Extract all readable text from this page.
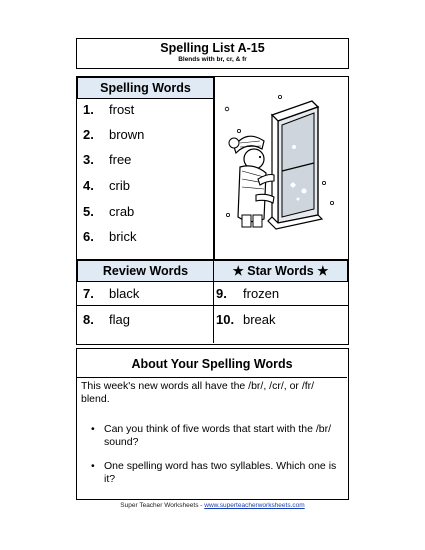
Spelling List A-15
Blends with br, cr, & fr
Spelling Words
1. frost
2. brown
3. free
4. crib
5. crab
6. brick
Review Words	★ Star Words ★
7. black
8. flag
9. frozen
10. break
About Your Spelling Words
This week's new words all have the /br/, /cr/, or /fr/ blend.
• Can you think of five words that start with the /br/ sound?
• One spelling word has two syllables. Which one is it?
Super Teacher Worksheets - www.superteacherworksheets.com
